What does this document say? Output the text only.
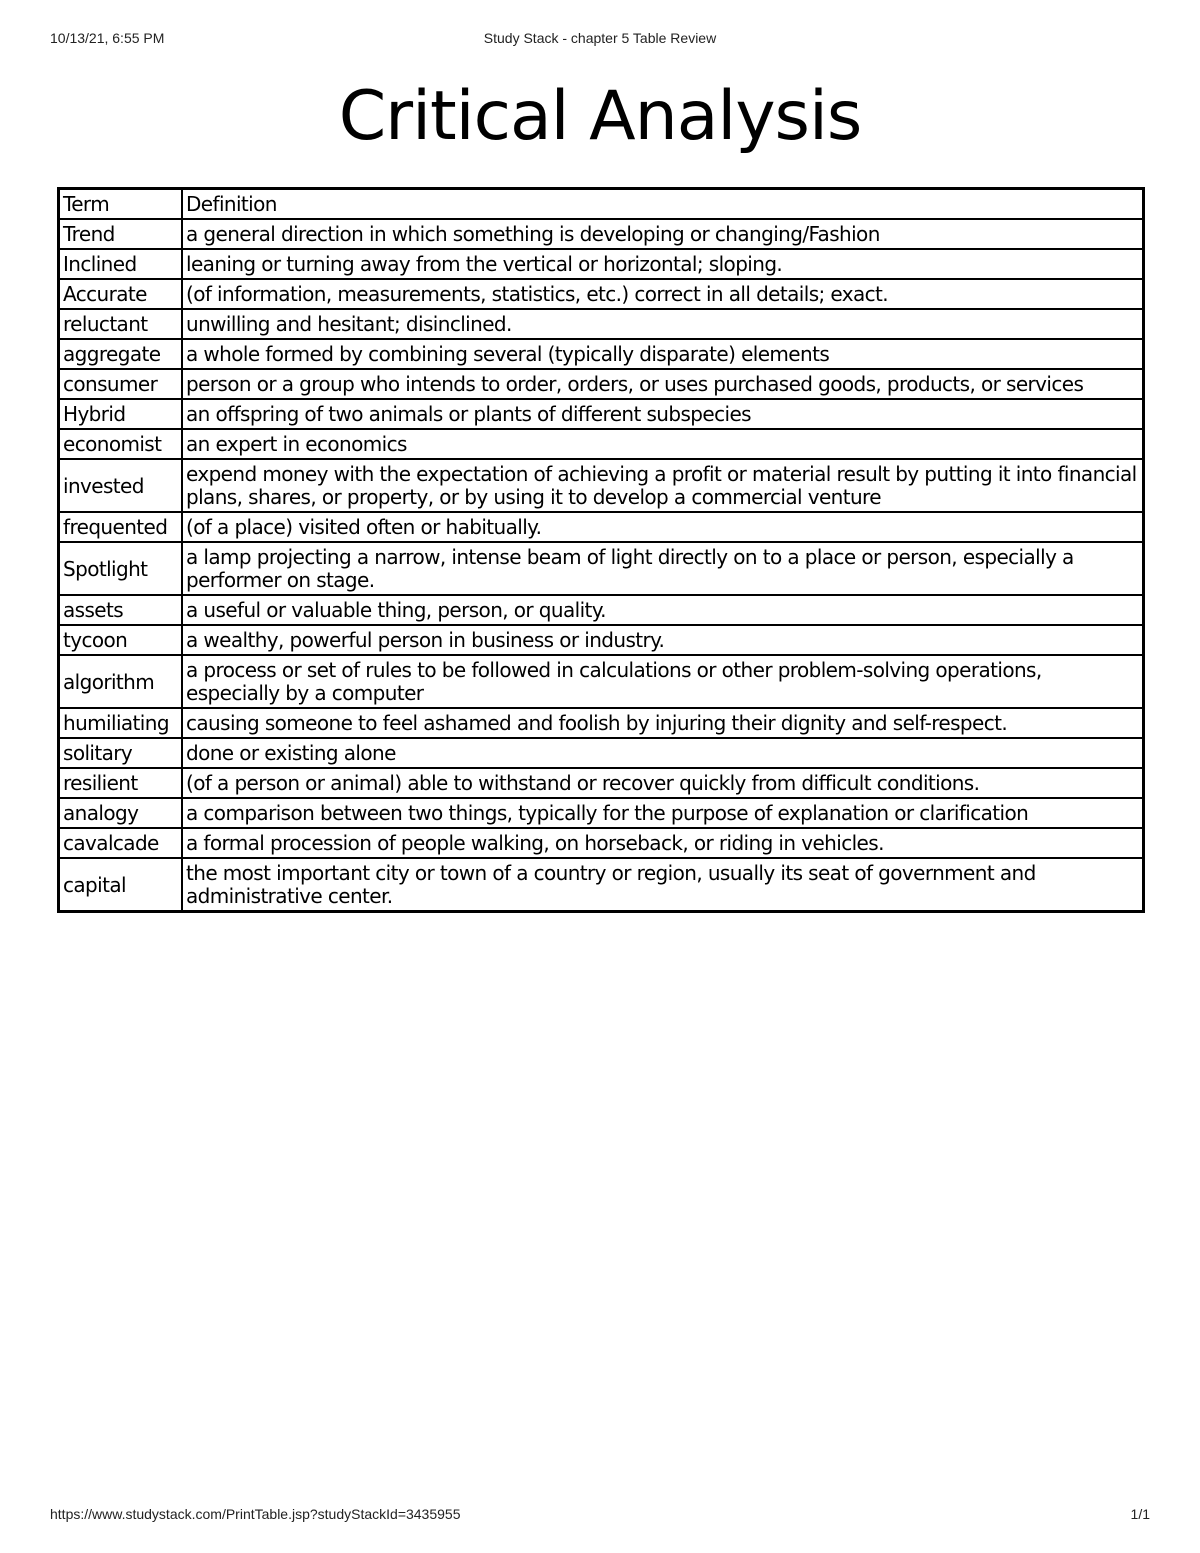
10/13/21, 6:55 PM	Study Stack - chapter 5 Table Review
Critical Analysis
Term	Definition
Trend	a general direction in which something is developing or changing/Fashion
Inclined	leaning or turning away from the vertical or horizontal; sloping.
Accurate	(of information, measurements, statistics, etc.) correct in all details; exact.
reluctant	unwilling and hesitant; disinclined.
aggregate	a whole formed by combining several (typically disparate) elements
consumer	person or a group who intends to order, orders, or uses purchased goods, products, or services
Hybrid	an offspring of two animals or plants of different subspecies
economist	an expert in economics
invested	expend money with the expectation of achieving a profit or material result by putting it into financial plans, shares, or property, or by using it to develop a commercial venture
frequented	(of a place) visited often or habitually.
Spotlight	a lamp projecting a narrow, intense beam of light directly on to a place or person, especially a performer on stage.
assets	a useful or valuable thing, person, or quality.
tycoon	a wealthy, powerful person in business or industry.
algorithm	a process or set of rules to be followed in calculations or other problem-solving operations, especially by a computer
humiliating	causing someone to feel ashamed and foolish by injuring their dignity and self-respect.
solitary	done or existing alone
resilient	(of a person or animal) able to withstand or recover quickly from difficult conditions.
analogy	a comparison between two things, typically for the purpose of explanation or clarification
cavalcade	a formal procession of people walking, on horseback, or riding in vehicles.
capital	the most important city or town of a country or region, usually its seat of government and administrative center.
https://www.studystack.com/PrintTable.jsp?studyStackId=3435955	1/1
